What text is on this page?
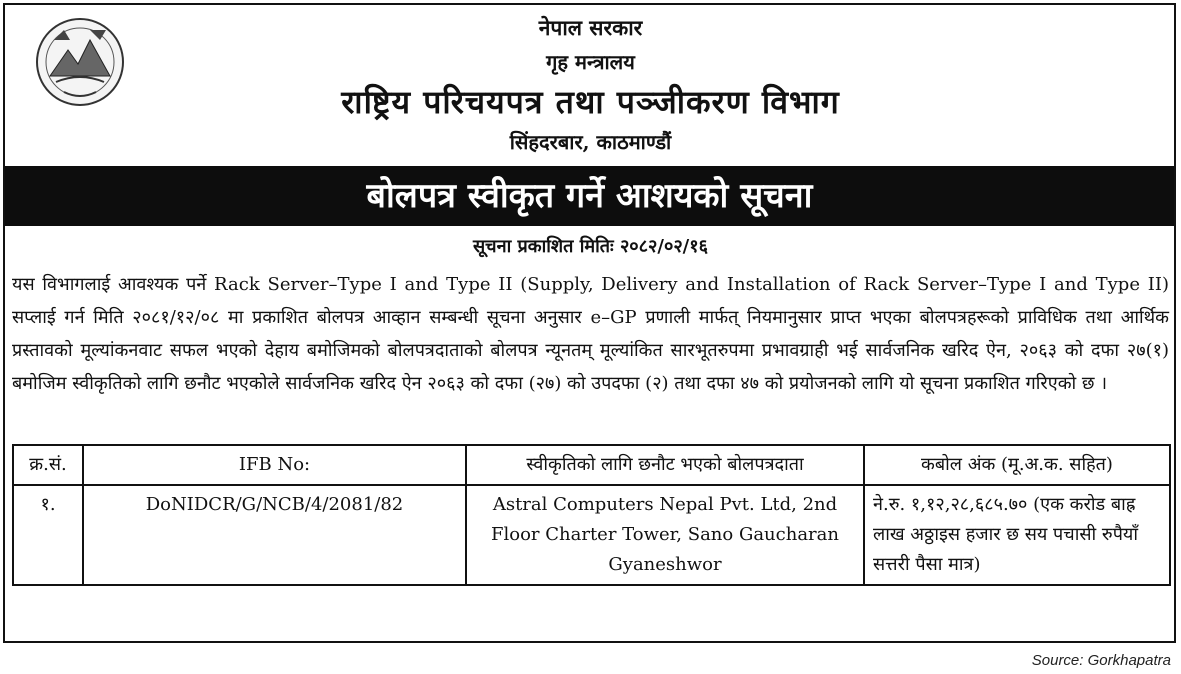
नेपाल सरकार
गृह मन्त्रालय
राष्ट्रिय परिचयपत्र तथा पञ्जीकरण विभाग
सिंहदरबार, काठमाण्डौं
बोलपत्र स्वीकृत गर्ने आशयको सूचना
सूचना प्रकाशित मितिः २०८२/०२/१६

यस विभागलाई आवश्यक पर्ने Rack Server–Type I and Type II (Supply, Delivery and Installation of Rack Server–Type I and Type II) सप्लाई गर्न मिति २०८१/१२/०८ मा प्रकाशित बोलपत्र आव्हान सम्बन्धी सूचना अनुसार e–GP प्रणाली मार्फत् नियमानुसार प्राप्त भएका बोलपत्रहरूको प्राविधिक तथा आर्थिक प्रस्तावको मूल्यांकनवाट सफल भएको देहाय बमोजिमको बोलपत्रदाताको बोलपत्र न्यूनतम् मूल्यांकित सारभूतरुपमा प्रभावग्राही भई सार्वजनिक खरिद ऐन, २०६३ को दफा २७(१) बमोजिम स्वीकृतिको लागि छनौट भएकोले सार्वजनिक खरिद ऐन २०६३ को दफा (२७) को उपदफा (२) तथा दफा ४७ को प्रयोजनको लागि यो सूचना प्रकाशित गरिएको छ ।

क्र.सं.	IFB No:	स्वीकृतिको लागि छनौट भएको बोलपत्रदाता	कबोल अंक (मू.अ.क. सहित)
१.	DoNIDCR/G/NCB/4/2081/82	Astral Computers Nepal Pvt. Ltd, 2nd Floor Charter Tower, Sano Gaucharan Gyaneshwor	ने.रु. १,१२,२८,६८५.७० (एक करोड बाह्र लाख अठ्ठाइस हजार छ सय पचासी रुपैयाँ सत्तरी पैसा मात्र)
Source: Gorkhapatra
